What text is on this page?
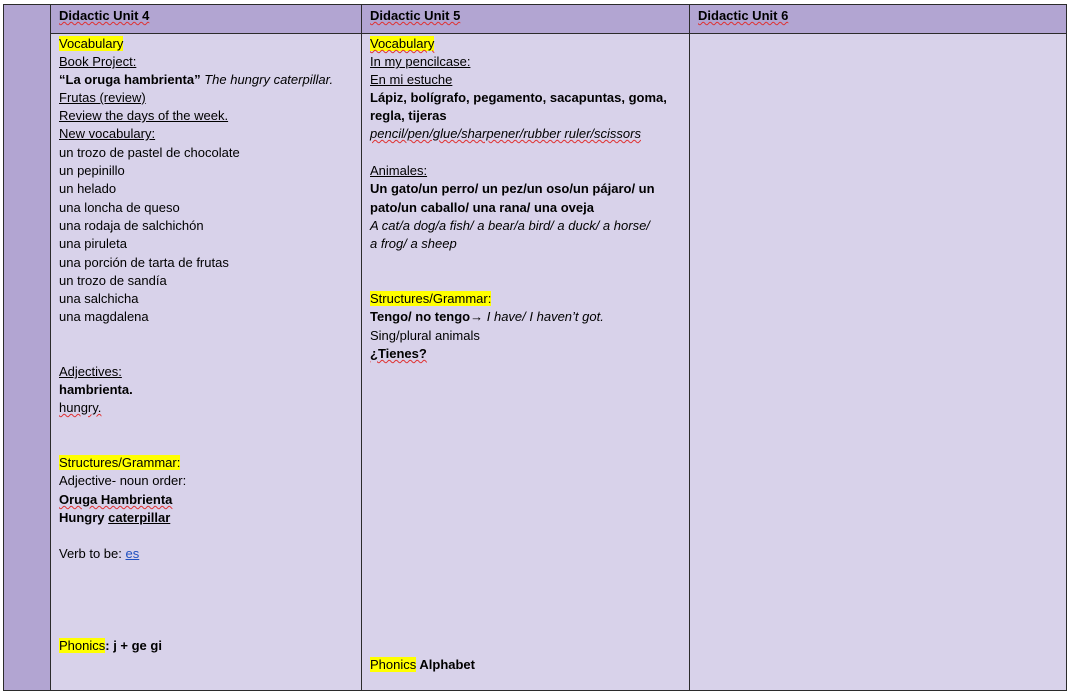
Didactic Unit 4	Didactic Unit 5	Didactic Unit 6
Vocabulary
Book Project:
“La oruga hambrienta” The hungry caterpillar.
Frutas (review)
Review the days of the week.
New vocabulary:
un trozo de pastel de chocolate
un pepinillo
un helado
una loncha de queso
una rodaja de salchichón
una piruleta
una porción de tarta de frutas
un trozo de sandía
una salchicha
una magdalena
Adjectives:
hambrienta.
hungry.
Structures/Grammar:
Adjective- noun order:
Oruga Hambrienta
Hungry caterpillar
Verb to be: es
Phonics: j + ge gi
Vocabulary
In my pencilcase:
En mi estuche
Lápiz, bolígrafo, pegamento, sacapuntas, goma,
regla, tijeras
pencil/pen/glue/sharpener/rubber ruler/scissors
Animales:
Un gato/un perro/ un pez/un oso/un pájaro/ un
pato/un caballo/ una rana/ una oveja
A cat/a dog/a fish/ a bear/a bird/ a duck/ a horse/
a frog/ a sheep
Structures/Grammar:
Tengo/ no tengo→ I have/ I haven’t got.
Sing/plural animals
¿Tienes?
Phonics Alphabet
